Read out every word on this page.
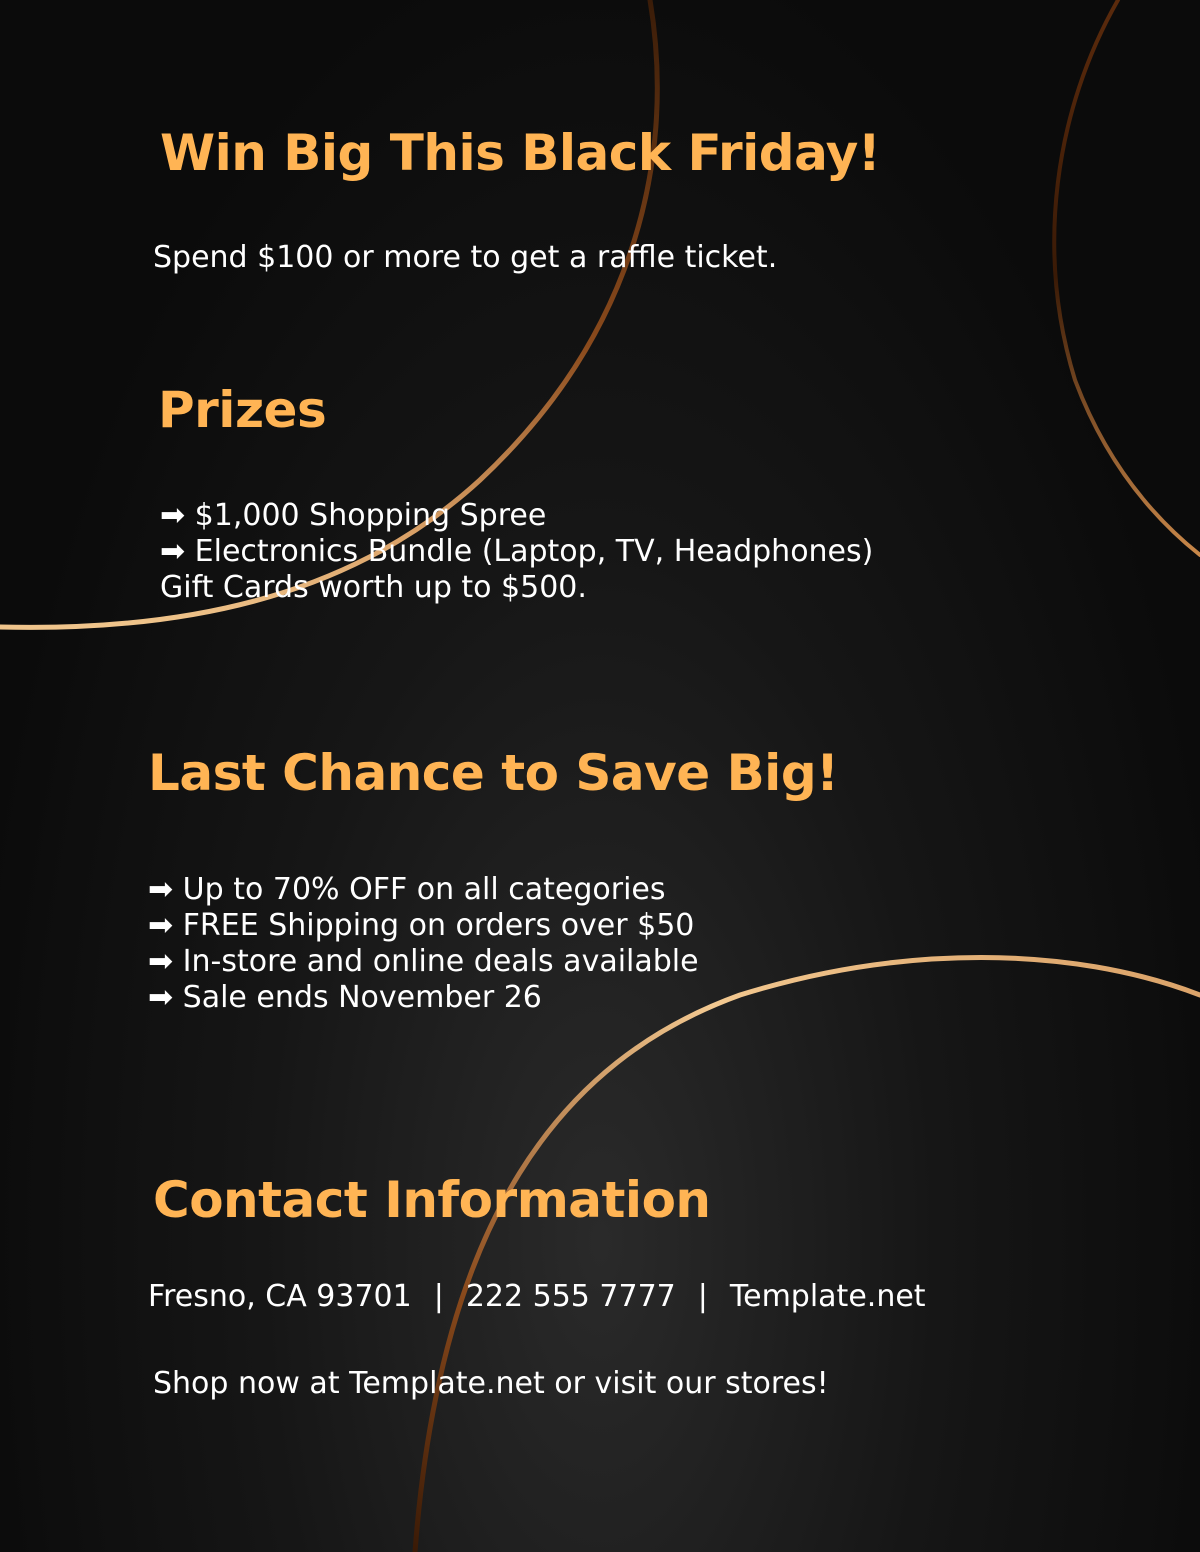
Win Big This Black Friday!

Spend $100 or more to get a raffle ticket.

Prizes
➡ $1,000 Shopping Spree
➡ Electronics Bundle (Laptop, TV, Headphones)
Gift Cards worth up to $500.
Last Chance to Save Big!
➡ Up to 70% OFF on all categories
➡ FREE Shipping on orders over $50
➡ In-store and online deals available
➡ Sale ends November 26
Contact Information

Fresno, CA 93701 | 222 555 7777 | Template.net

Shop now at Template.net or visit our stores!
